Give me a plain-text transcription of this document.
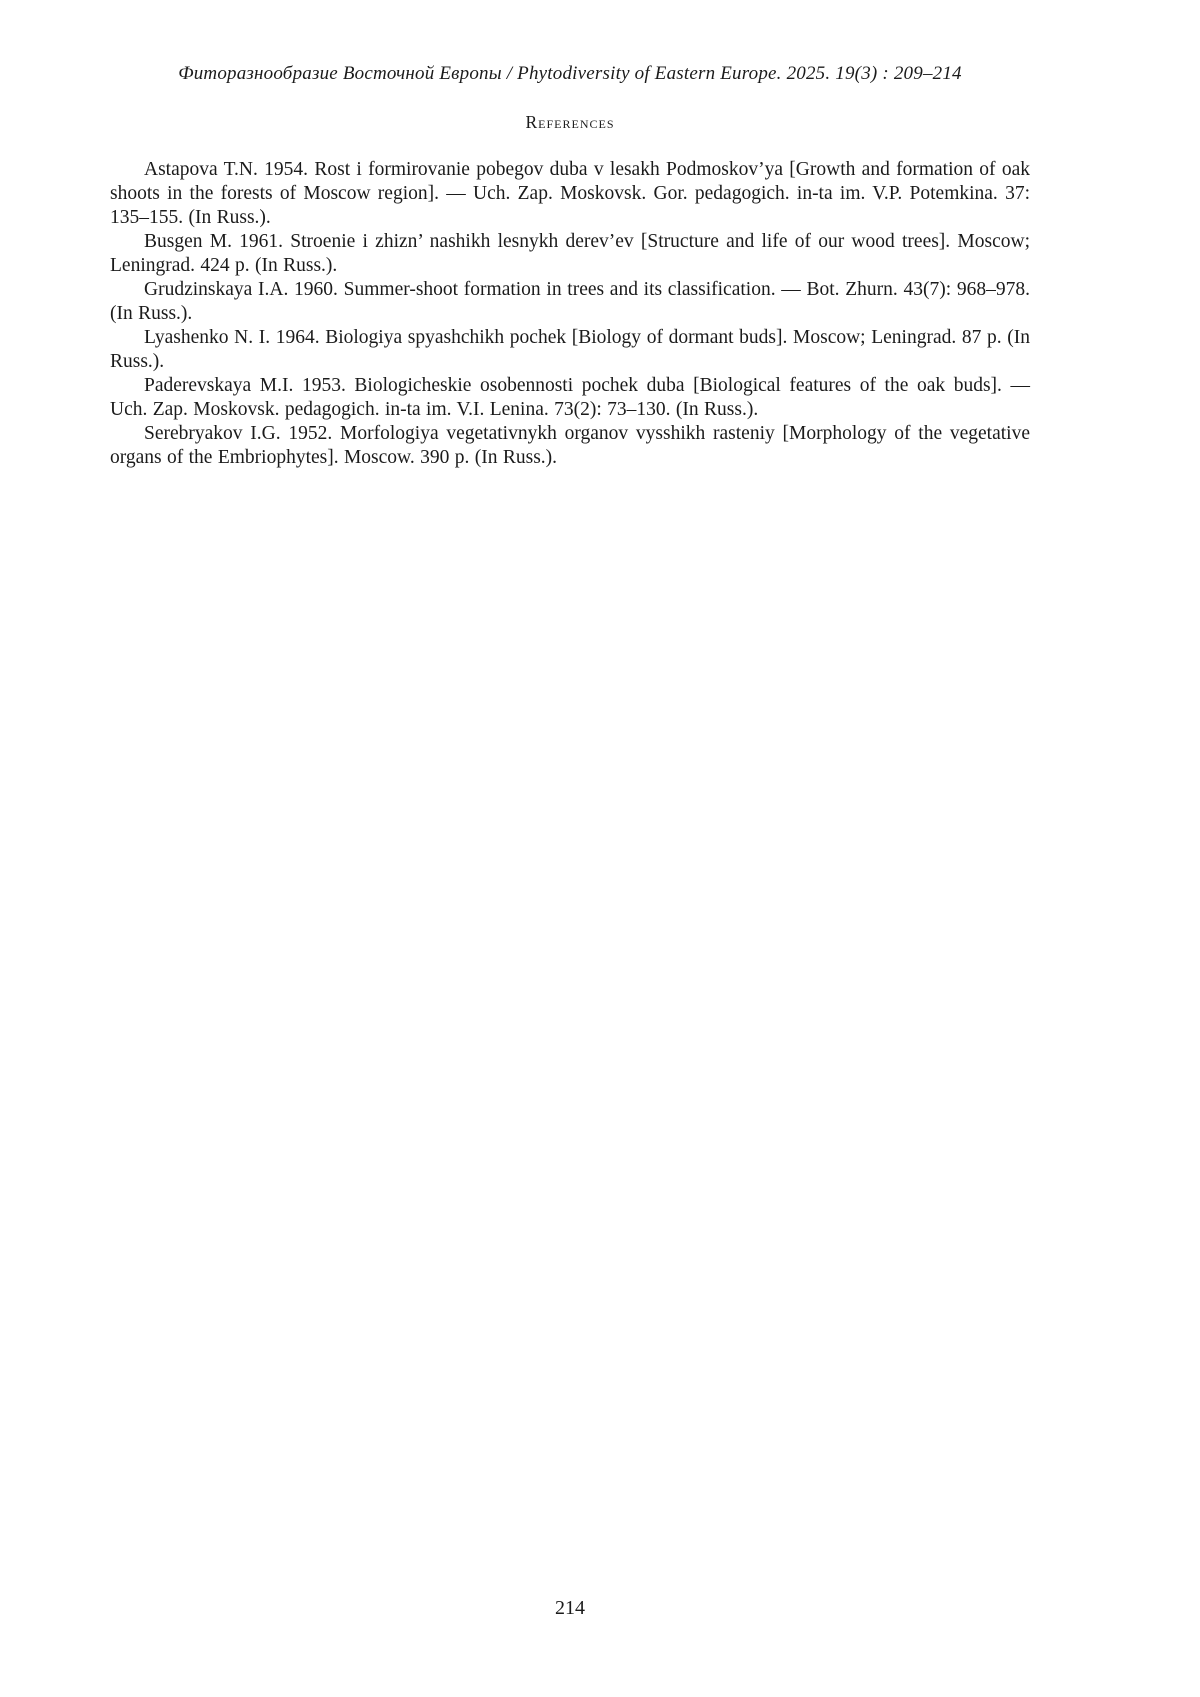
Фиторазнообразие Восточной Европы / Phytodiversity of Eastern Europe. 2025. 19(3) : 209–214
References

Astapova T.N. 1954. Rost i formirovanie pobegov duba v lesakh Podmoskov’ya [Growth and formation of oak shoots in the forests of Moscow region]. — Uch. Zap. Moskovsk. Gor. pedagogich. in-ta im. V.P. Potemkina. 37: 135–155. (In Russ.).

Busgen M. 1961. Stroenie i zhizn’ nashikh lesnykh derev’ev [Structure and life of our wood trees]. Moscow; Leningrad. 424 p. (In Russ.).

Grudzinskaya I.A. 1960. Summer-shoot formation in trees and its classification. — Bot. Zhurn. 43(7): 968–978. (In Russ.).

Lyashenko N. I. 1964. Biologiya spyashchikh pochek [Biology of dormant buds]. Moscow; Leningrad. 87 p. (In Russ.).

Paderevskaya M.I. 1953. Biologicheskie osobennosti pochek duba [Biological features of the oak buds]. — Uch. Zap. Moskovsk. pedagogich. in-ta im. V.I. Lenina. 73(2): 73–130. (In Russ.).

Serebryakov I.G. 1952. Morfologiya vegetativnykh organov vysshikh rasteniy [Morphology of the vegetative organs of the Embriophytes]. Moscow. 390 p. (In Russ.).

214
